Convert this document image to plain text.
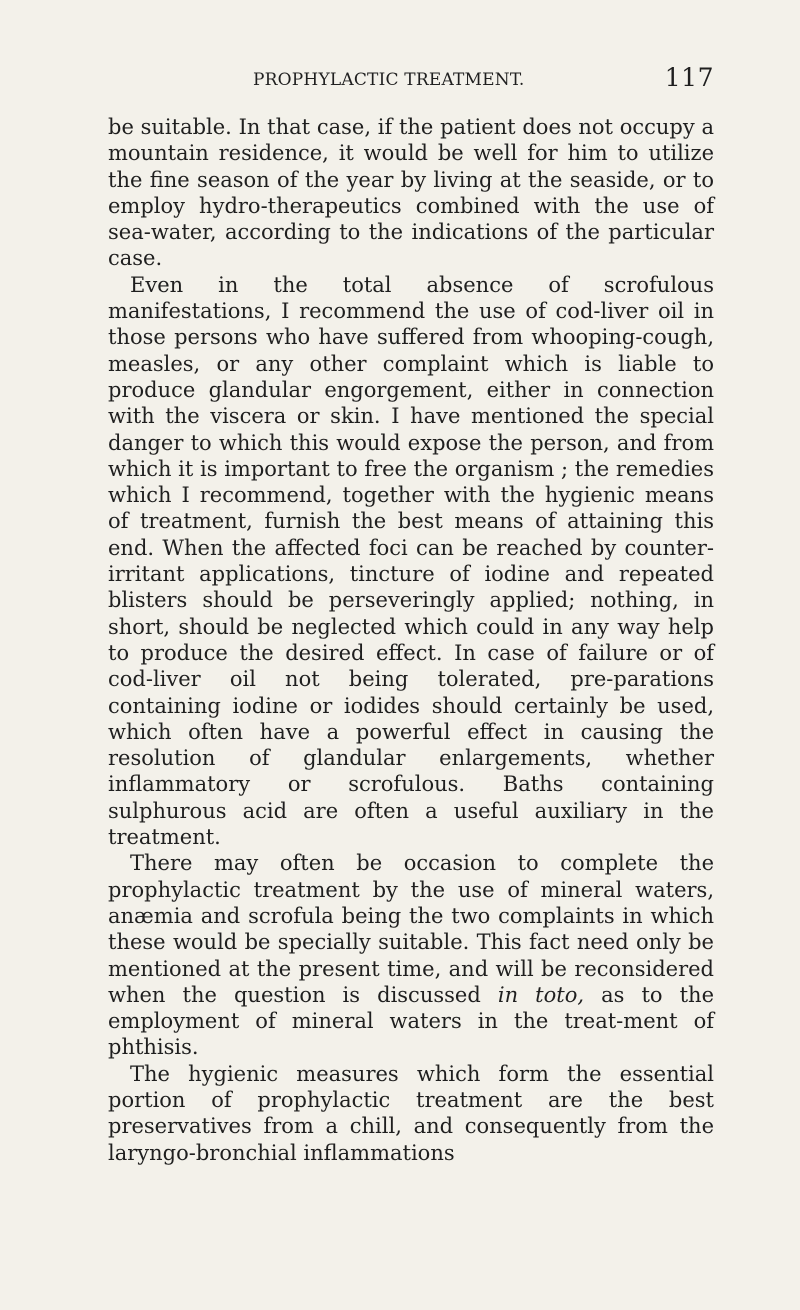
PROPHYLACTIC TREATMENT.	117

be suitable. In that case, if the patient does not occupy a mountain residence, it would be well for him to utilize the fine season of the year by living at the seaside, or to employ hydro-therapeutics combined with the use of sea-water, according to the indications of the particular case.

Even in the total absence of scrofulous manifestations, I recommend the use of cod-liver oil in those persons who have suffered from whooping-cough, measles, or any other complaint which is liable to produce glandular engorgement, either in connection with the viscera or skin. I have mentioned the special danger to which this would expose the person, and from which it is important to free the organism ; the remedies which I recommend, together with the hygienic means of treatment, furnish the best means of attaining this end. When the affected foci can be reached by counter-irritant applications, tincture of iodine and repeated blisters should be perseveringly applied; nothing, in short, should be neglected which could in any way help to produce the desired effect. In case of failure or of cod-liver oil not being tolerated, pre-parations containing iodine or iodides should certainly be used, which often have a powerful effect in causing the resolution of glandular enlargements, whether inflammatory or scrofulous. Baths containing sulphurous acid are often a useful auxiliary in the treatment.

There may often be occasion to complete the prophylactic treatment by the use of mineral waters, anæmia and scrofula being the two complaints in which these would be specially suitable. This fact need only be mentioned at the present time, and will be reconsidered when the question is discussed in toto, as to the employment of mineral waters in the treat-ment of phthisis.

The hygienic measures which form the essential portion of prophylactic treatment are the best preservatives from a chill, and consequently from the laryngo-bronchial inflammations
